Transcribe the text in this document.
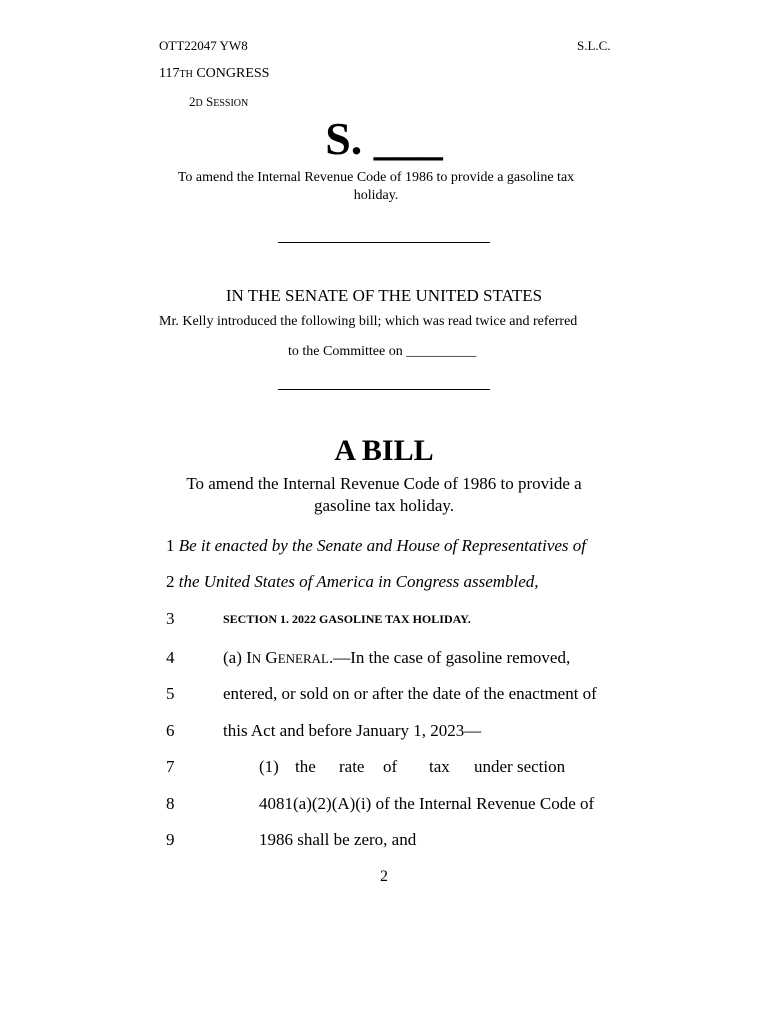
OTT22047 YW8	S.L.C.
117TH CONGRESS
2D SESSION
S. ___
To amend the Internal Revenue Code of 1986 to provide a gasoline tax holiday.
IN THE SENATE OF THE UNITED STATES
Mr. Kelly introduced the following bill; which was read twice and referred
to the Committee on __________
A BILL
To amend the Internal Revenue Code of 1986 to provide a gasoline tax holiday.
1 Be it enacted by the Senate and House of Representatives of
2 the United States of America in Congress assembled,
3	SECTION 1. 2022 GASOLINE TAX HOLIDAY.
4	(a) IN GENERAL.—In the case of gasoline removed,
5	entered, or sold on or after the date of the enactment of
6	this Act and before January 1, 2023—
7	(1) the rate of tax under section
8	4081(a)(2)(A)(i) of the Internal Revenue Code of
9	1986 shall be zero, and
2
